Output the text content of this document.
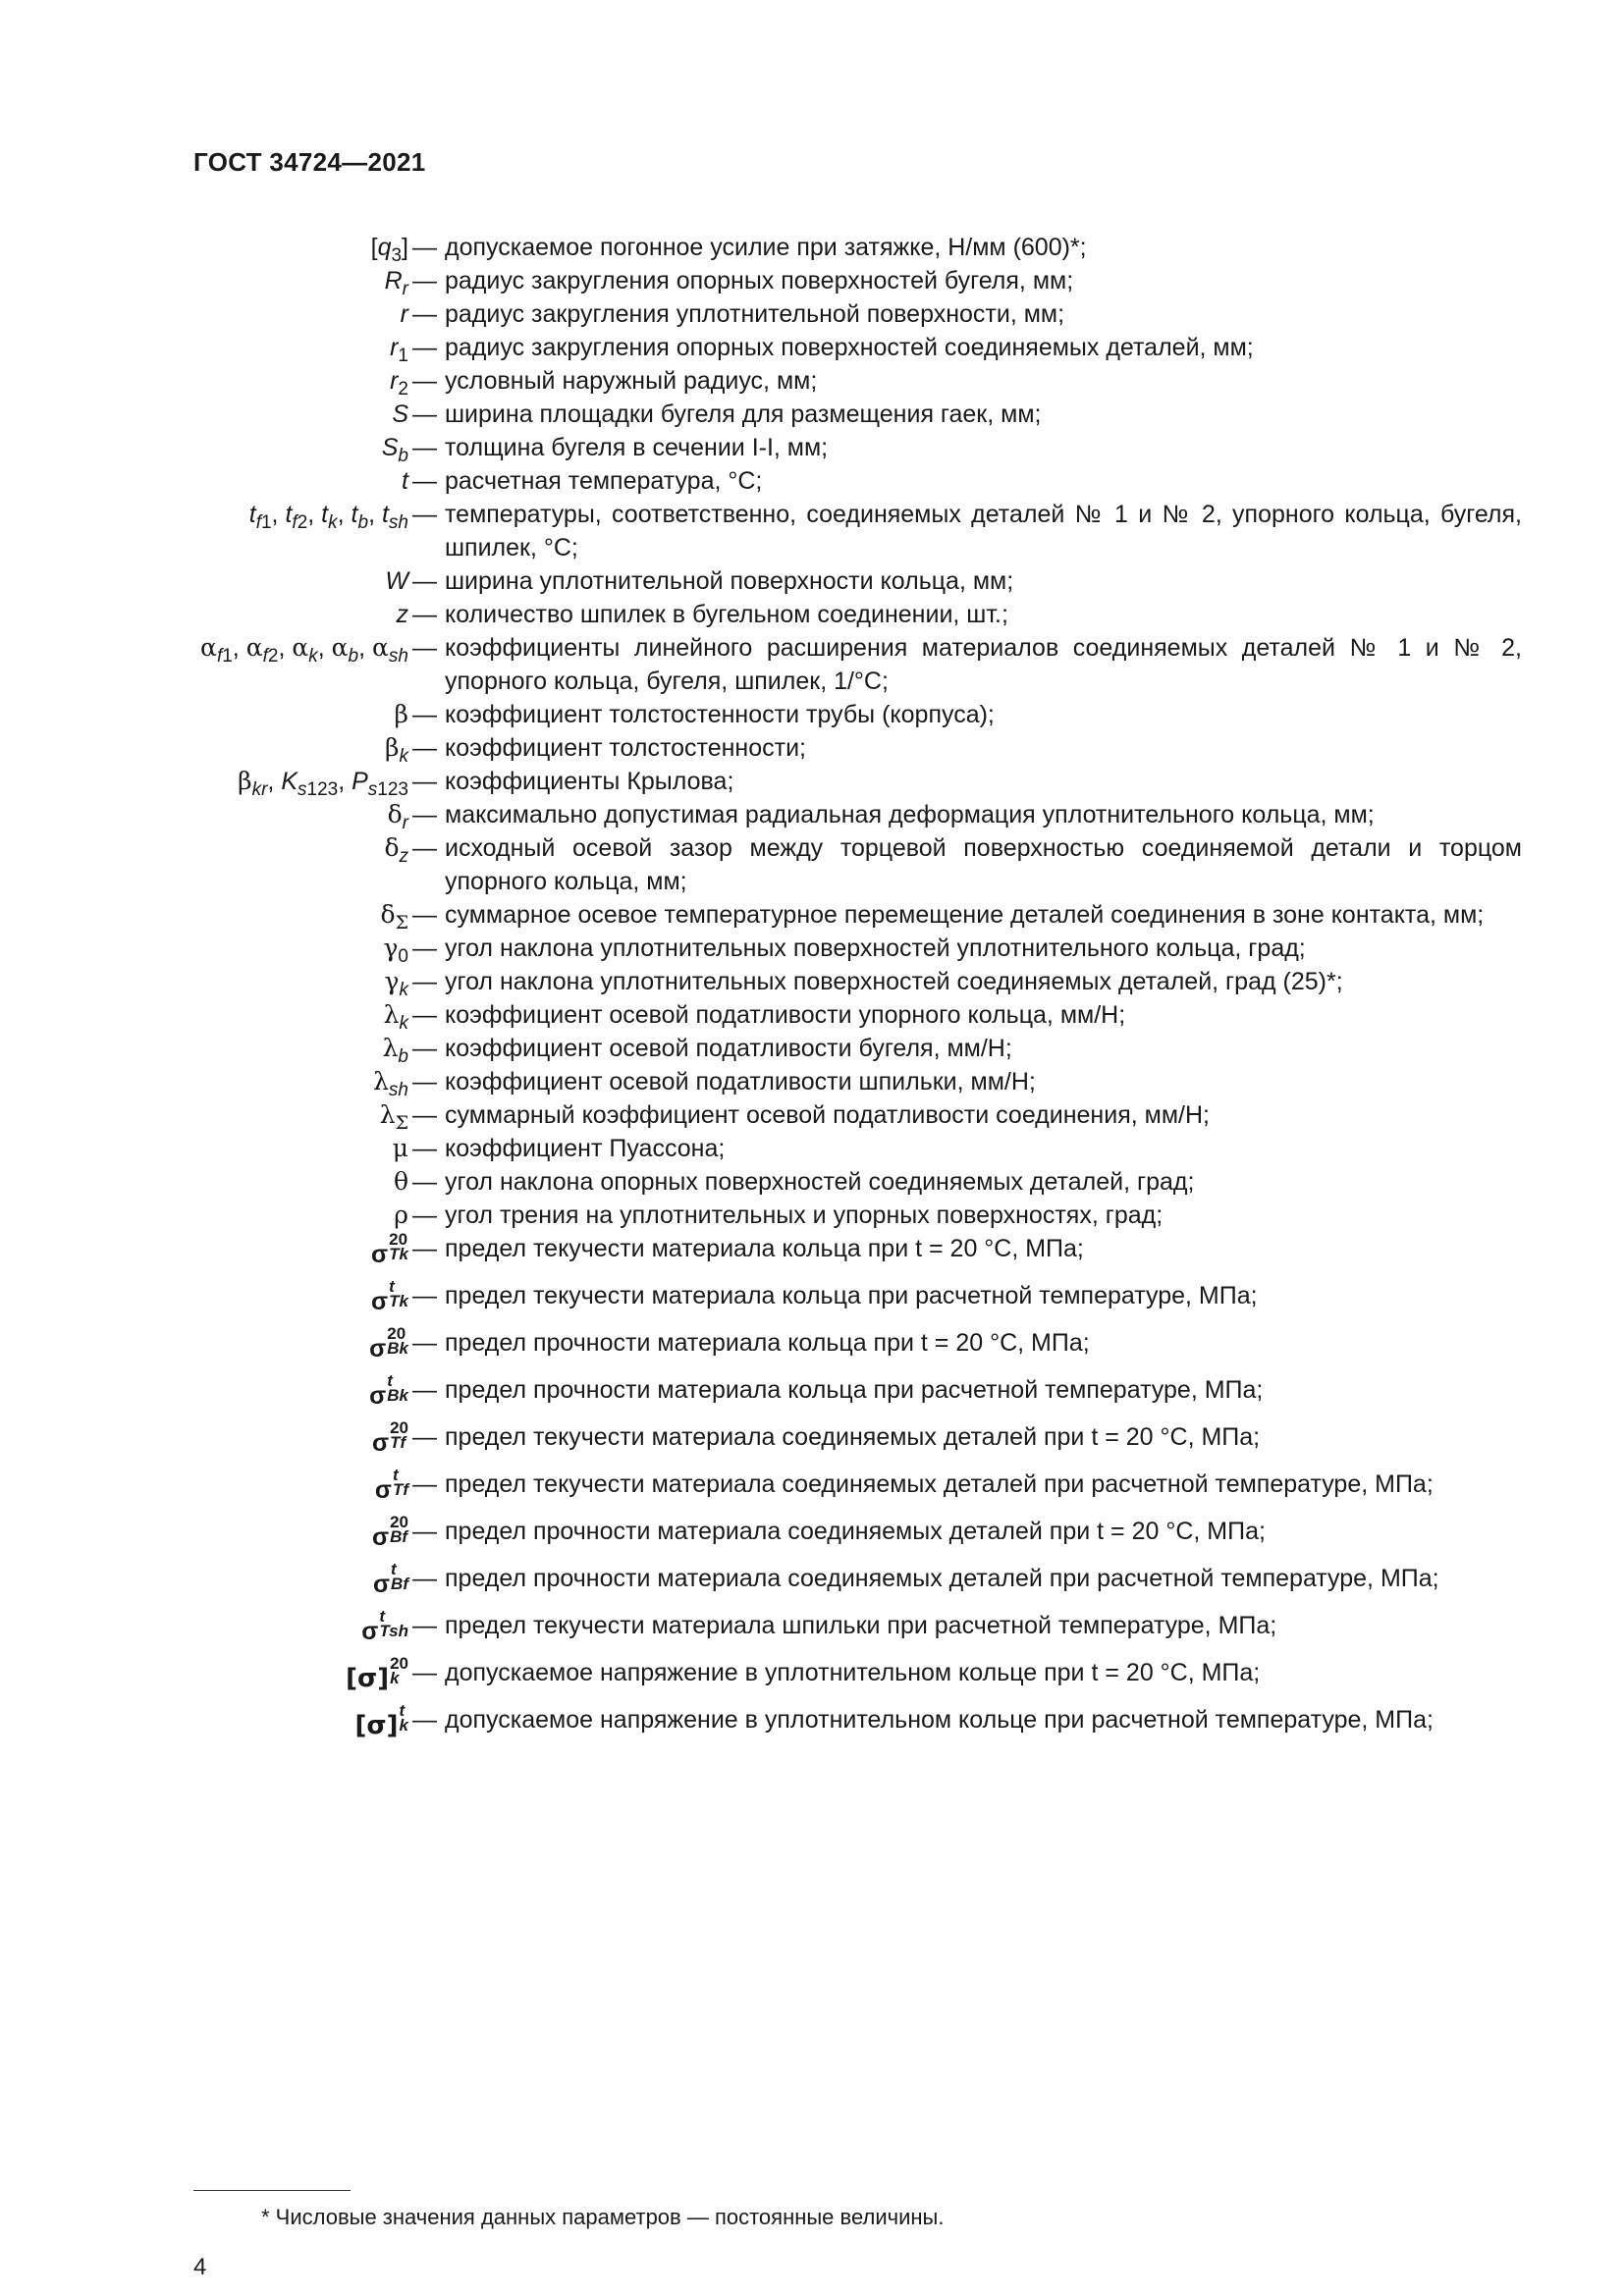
ГОСТ 34724—2021
$[q_3]$ — допускаемое погонное усилие при затяжке, Н/мм (600)*;
$R_r$ — радиус закругления опорных поверхностей бугеля, мм;
r — радиус закругления уплотнительной поверхности, мм;
$r_1$ — радиус закругления опорных поверхностей соединяемых деталей, мм;
$r_2$ — условный наружный радиус, мм;
S — ширина площадки бугеля для размещения гаек, мм;
$S_b$ — толщина бугеля в сечении I-I, мм;
t — расчетная температура, °С;
$t_{f1}$, $t_{f2}$, $t_k$, $t_b$, $t_{sh}$ — температуры, соответственно, соединяемых деталей № 1 и № 2, упорного кольца, бугеля, шпилек, °С;
W — ширина уплотнительной поверхности кольца, мм;
z — количество шпилек в бугельном соединении, шт.;
$\alpha_{f1}$, $\alpha_{f2}$, $\alpha_k$, $\alpha_b$, $\alpha_{sh}$ — коэффициенты линейного расширения материалов соединяемых деталей № 1 и № 2, упорного кольца, бугеля, шпилек, 1/°С;
β — коэффициент толстостенности трубы (корпуса);
$\beta_k$ — коэффициент толстостенности;
$\beta_{kr}$, $K_{s123}$, $P_{s123}$ — коэффициенты Крылова;
$\delta_r$ — максимально допустимая радиальная деформация уплотнительного кольца, мм;
$\delta_z$ — исходный осевой зазор между торцевой поверхностью соединяемой детали и торцом упорного кольца, мм;
$\delta_\Sigma$ — суммарное осевое температурное перемещение деталей соединения в зоне контакта, мм;
$\gamma_0$ — угол наклона уплотнительных поверхностей уплотнительного кольца, град;
$\gamma_k$ — угол наклона уплотнительных поверхностей соединяемых деталей, град (25)*;
$\lambda_k$ — коэффициент осевой податливости упорного кольца, мм/Н;
$\lambda_b$ — коэффициент осевой податливости бугеля, мм/Н;
$\lambda_{sh}$ — коэффициент осевой податливости шпильки, мм/Н;
$\lambda_\Sigma$ — суммарный коэффициент осевой податливости соединения, мм/Н;
μ — коэффициент Пуассона;
θ — угол наклона опорных поверхностей соединяемых деталей, град;
ρ — угол трения на уплотнительных и упорных поверхностях, град;
σ
20
Tk — предел текучести материала кольца при t = 20 °С, МПа;
σ
t
Tk — предел текучести материала кольца при расчетной температуре, МПа;
σ
20
Bk — предел прочности материала кольца при t = 20 °С, МПа;
σ
t
Bk — предел прочности материала кольца при расчетной температуре, МПа;
σ
20
Tf — предел текучести материала соединяемых деталей при t = 20 °С, МПа;
σ
t
Tf — предел текучести материала соединяемых деталей при расчетной температуре, МПа;
σ
20
Bf — предел прочности материала соединяемых деталей при t = 20 °С, МПа;
σ
t
Bf — предел прочности материала соединяемых деталей при расчетной температуре, МПа;
σ
t
Tsh — предел текучести материала шпильки при расчетной температуре, МПа;
[σ]
20
k — допускаемое напряжение в уплотнительном кольце при t = 20 °С, МПа;
[σ]
t
k — допускаемое напряжение в уплотнительном кольце при расчетной температуре, МПа;
* Числовые значения данных параметров — постоянные величины.
4
